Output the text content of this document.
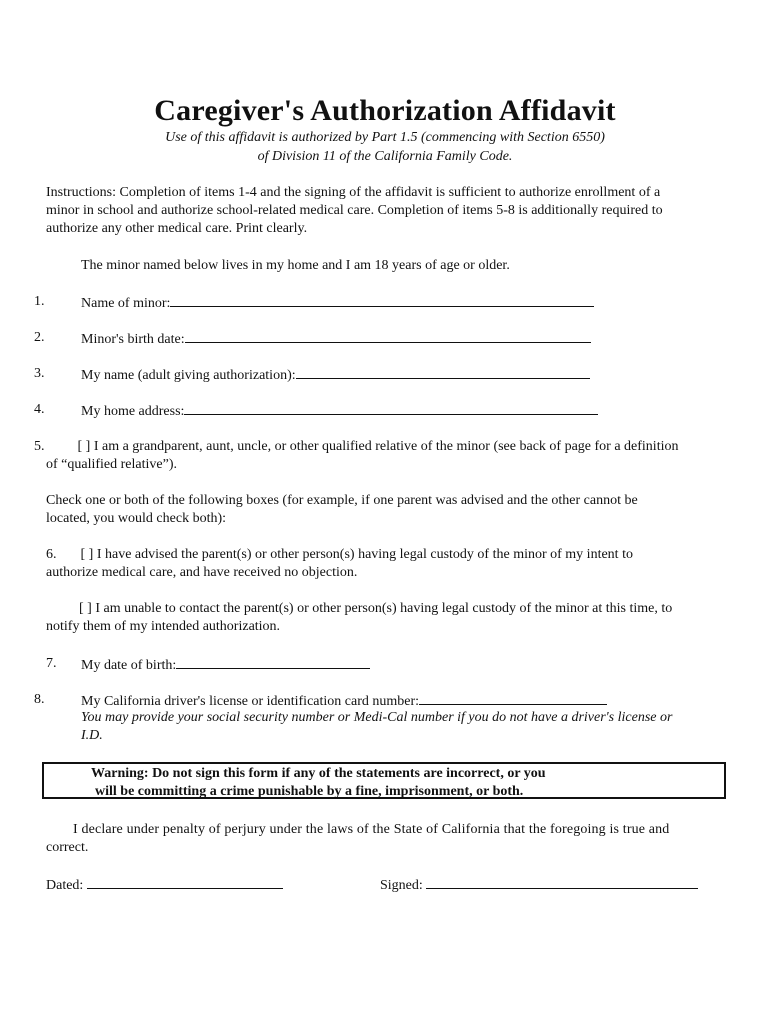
Caregiver's Authorization Affidavit
Use of this affidavit is authorized by Part 1.5 (commencing with Section 6550)
of Division 11 of the California Family Code.
Instructions: Completion of items 1-4 and the signing of the affidavit is sufficient to authorize enrollment of a
minor in school and authorize school-related medical care. Completion of items 5-8 is additionally required to
authorize any other medical care. Print clearly.
The minor named below lives in my home and I am 18 years of age or older.
1.	Name of minor:
2.	Minor's birth date:
3.	My name (adult giving authorization):
4.	My home address:
5. [ ] I am a grandparent, aunt, uncle, or other qualified relative of the minor (see back of page for a definition
of “qualified relative”).
Check one or both of the following boxes (for example, if one parent was advised and the other cannot be
located, you would check both):
6. [ ] I have advised the parent(s) or other person(s) having legal custody of the minor of my intent to
authorize medical care, and have received no objection.
[ ] I am unable to contact the parent(s) or other person(s) having legal custody of the minor at this time, to
notify them of my intended authorization.
7. My date of birth:
8.	My California driver's license or identification card number:
You may provide your social security number or Medi-Cal number if you do not have a driver's license or
I.D.
Warning: Do not sign this form if any of the statements are incorrect, or you
will be committing a crime punishable by a fine, imprisonment, or both.
I declare under penalty of perjury under the laws of the State of California that the foregoing is true and
correct.
Dated:	Signed:
